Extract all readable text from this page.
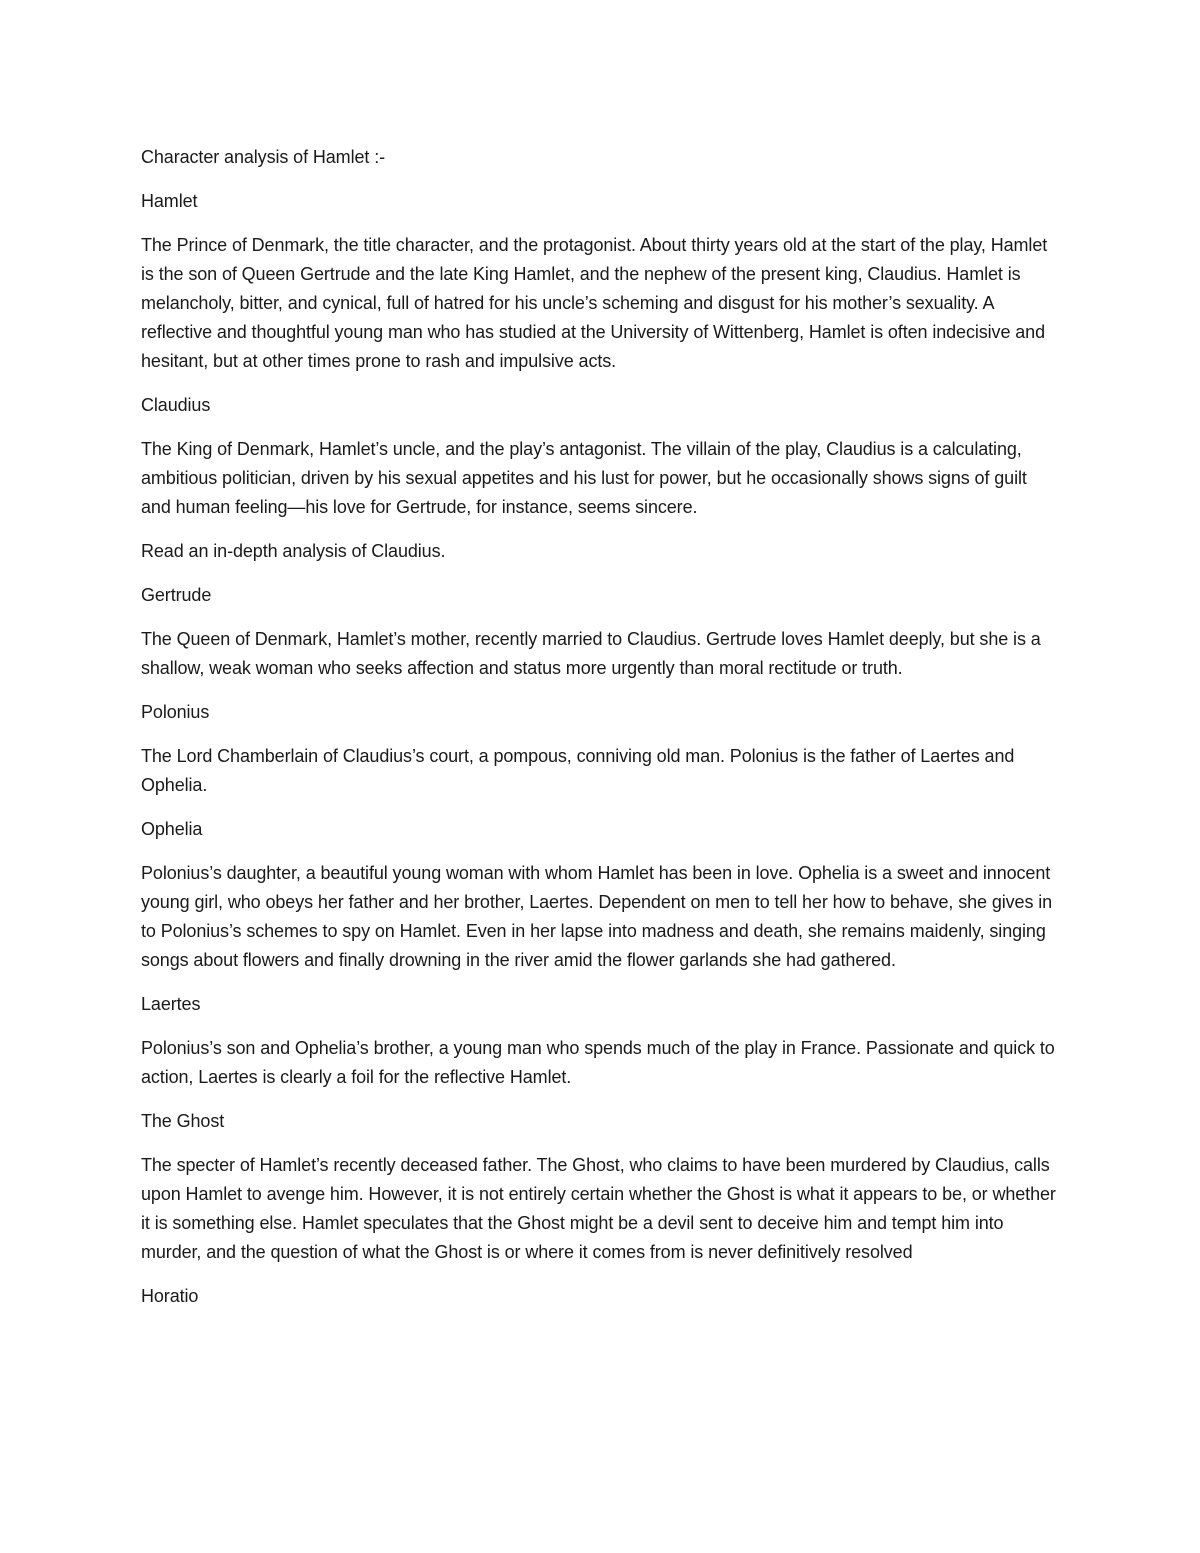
Character analysis of Hamlet :-

Hamlet

The Prince of Denmark, the title character, and the protagonist. About thirty years old at the start of the play, Hamlet is the son of Queen Gertrude and the late King Hamlet, and the nephew of the present king, Claudius. Hamlet is melancholy, bitter, and cynical, full of hatred for his uncle’s scheming and disgust for his mother’s sexuality. A reflective and thoughtful young man who has studied at the University of Wittenberg, Hamlet is often indecisive and hesitant, but at other times prone to rash and impulsive acts.

Claudius

The King of Denmark, Hamlet’s uncle, and the play’s antagonist. The villain of the play, Claudius is a calculating, ambitious politician, driven by his sexual appetites and his lust for power, but he occasionally shows signs of guilt and human feeling—his love for Gertrude, for instance, seems sincere.

Read an in-depth analysis of Claudius.

Gertrude

The Queen of Denmark, Hamlet’s mother, recently married to Claudius. Gertrude loves Hamlet deeply, but she is a shallow, weak woman who seeks affection and status more urgently than moral rectitude or truth.

Polonius

The Lord Chamberlain of Claudius’s court, a pompous, conniving old man. Polonius is the father of Laertes and Ophelia.

Ophelia

Polonius’s daughter, a beautiful young woman with whom Hamlet has been in love. Ophelia is a sweet and innocent young girl, who obeys her father and her brother, Laertes. Dependent on men to tell her how to behave, she gives in to Polonius’s schemes to spy on Hamlet. Even in her lapse into madness and death, she remains maidenly, singing songs about flowers and finally drowning in the river amid the flower garlands she had gathered.

Laertes

Polonius’s son and Ophelia’s brother, a young man who spends much of the play in France. Passionate and quick to action, Laertes is clearly a foil for the reflective Hamlet.

The Ghost

The specter of Hamlet’s recently deceased father. The Ghost, who claims to have been murdered by Claudius, calls upon Hamlet to avenge him. However, it is not entirely certain whether the Ghost is what it appears to be, or whether it is something else. Hamlet speculates that the Ghost might be a devil sent to deceive him and tempt him into murder, and the question of what the Ghost is or where it comes from is never definitively resolved

Horatio
